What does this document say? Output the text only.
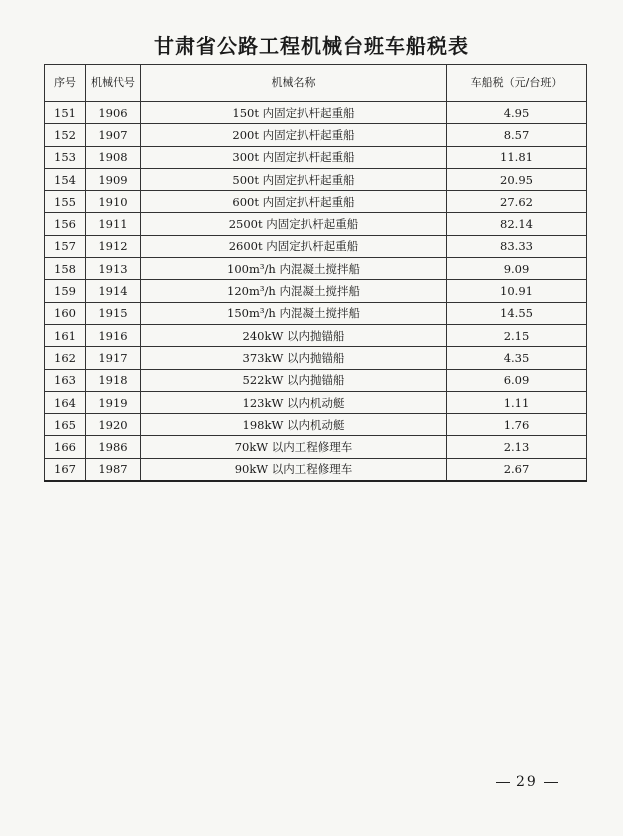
甘肃省公路工程机械台班车船税表
序号	机械代号	机械名称	车船税（元/台班）
151	1906	150t 内固定扒杆起重船	4.95
152	1907	200t 内固定扒杆起重船	8.57
153	1908	300t 内固定扒杆起重船	11.81
154	1909	500t 内固定扒杆起重船	20.95
155	1910	600t 内固定扒杆起重船	27.62
156	1911	2500t 内固定扒杆起重船	82.14
157	1912	2600t 内固定扒杆起重船	83.33
158	1913	100m³/h 内混凝土搅拌船	9.09
159	1914	120m³/h 内混凝土搅拌船	10.91
160	1915	150m³/h 内混凝土搅拌船	14.55
161	1916	240kW 以内抛锚船	2.15
162	1917	373kW 以内抛锚船	4.35
163	1918	522kW 以内抛锚船	6.09
164	1919	123kW 以内机动艇	1.11
165	1920	198kW 以内机动艇	1.76
166	1986	70kW 以内工程修理车	2.13
167	1987	90kW 以内工程修理车	2.67
29
